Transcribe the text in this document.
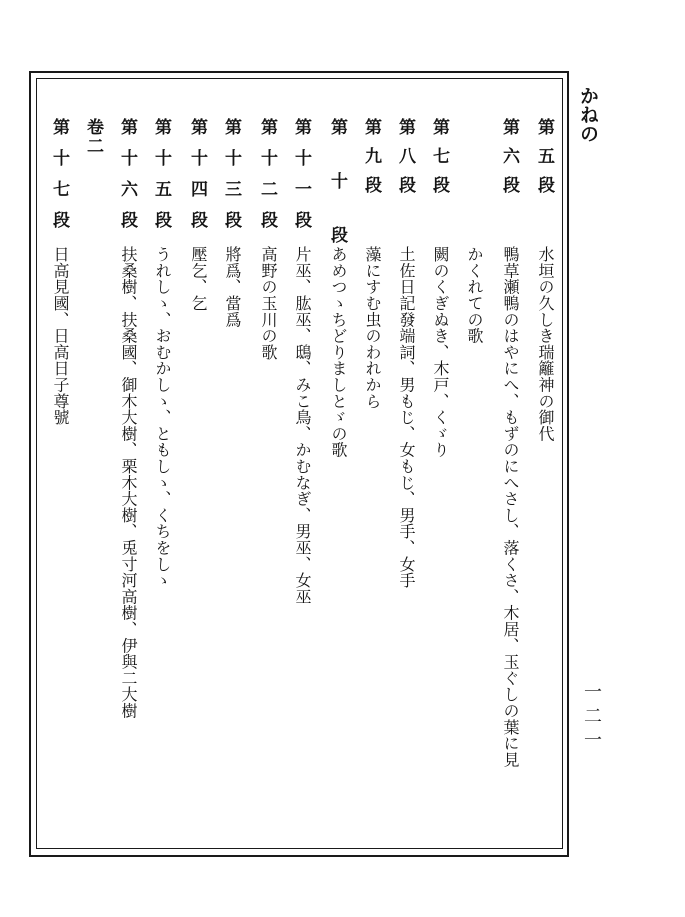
かねの
一二一
第五段
水垣の久しき瑞籬神の御代
第六段
鴨草瀬鴨のはやにへ、もずのにへさし、落くさ、木居、玉ぐしの葉に見
かくれての歌
第七段
闕のくぎぬき、木戸、くゞり
第八段
土佐日記發端詞、男もじ、女もじ、男手、女手
第九段
藻にすむ虫のわれから
第十段
あめつゝちどりましとゞの歌
第十一段
片巫、肱巫、鴟、みこ鳥、かむなぎ、男巫、女巫
第十二段
高野の玉川の歌
第十三段
將爲、當爲
第十四段
壓乞、乞
第十五段
うれしゝ、おむかしゝ、ともしゝ、くちをしゝ
第十六段
扶桑樹、扶桑國、御木大樹、栗木大樹、兎寸河高樹、伊與二大樹
卷二
第十七段
日高見國、日高日子尊號
